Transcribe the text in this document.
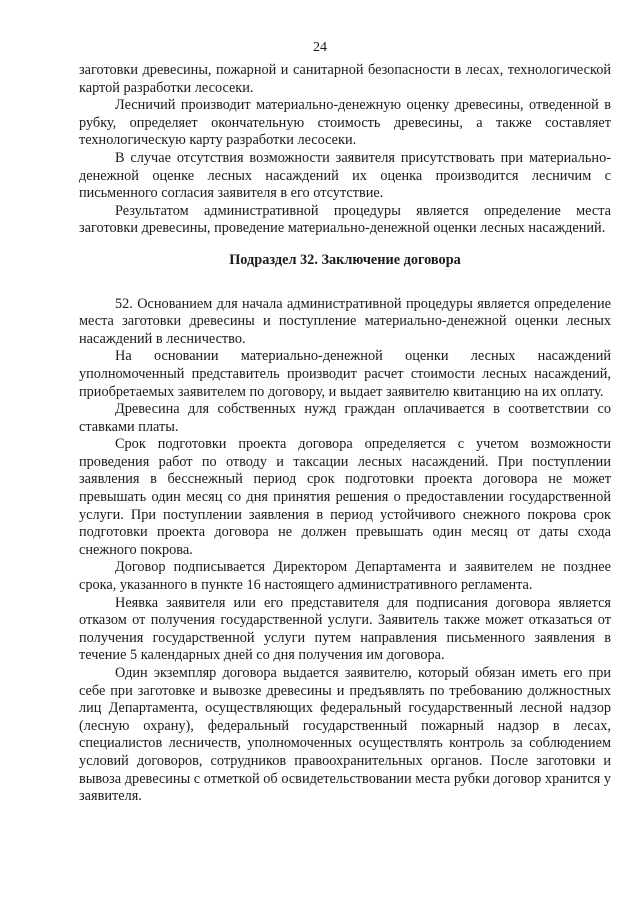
24

заготовки древесины, пожарной и санитарной безопасности в лесах, технологической картой разработки лесосеки.

Лесничий производит материально-денежную оценку древесины, отведенной в рубку, определяет окончательную стоимость древесины, а также составляет технологическую карту разработки лесосеки.

В случае отсутствия возможности заявителя присутствовать при материально-денежной оценке лесных насаждений их оценка производится лесничим с письменного согласия заявителя в его отсутствие.

Результатом административной процедуры является определение места заготовки древесины, проведение материально-денежной оценки лесных насаждений.

Подраздел 32. Заключение договора

52. Основанием для начала административной процедуры является определение места заготовки древесины и поступление материально-денежной оценки лесных насаждений в лесничество.

На основании материально-денежной оценки лесных насаждений уполномоченный представитель производит расчет стоимости лесных насаждений, приобретаемых заявителем по договору, и выдает заявителю квитанцию на их оплату.

Древесина для собственных нужд граждан оплачивается в соответствии со ставками платы.

Срок подготовки проекта договора определяется с учетом возможности проведения работ по отводу и таксации лесных насаждений. При поступлении заявления в бесснежный период срок подготовки проекта договора не может превышать один месяц со дня принятия решения о предоставлении государственной услуги. При поступлении заявления в период устойчивого снежного покрова срок подготовки проекта договора не должен превышать один месяц от даты схода снежного покрова.

Договор подписывается Директором Департамента и заявителем не позднее срока, указанного в пункте 16 настоящего административного регламента.

Неявка заявителя или его представителя для подписания договора является отказом от получения государственной услуги. Заявитель также может отказаться от получения государственной услуги путем направления письменного заявления в течение 5 календарных дней со дня получения им договора.

Один экземпляр договора выдается заявителю, который обязан иметь его при себе при заготовке и вывозке древесины и предъявлять по требованию должностных лиц Департамента, осуществляющих федеральный государственный лесной надзор (лесную охрану), федеральный государственный пожарный надзор в лесах, специалистов лесничеств, уполномоченных осуществлять контроль за соблюдением условий договоров, сотрудников правоохранительных органов. После заготовки и вывоза древесины с отметкой об освидетельствовании места рубки договор хранится у заявителя.
